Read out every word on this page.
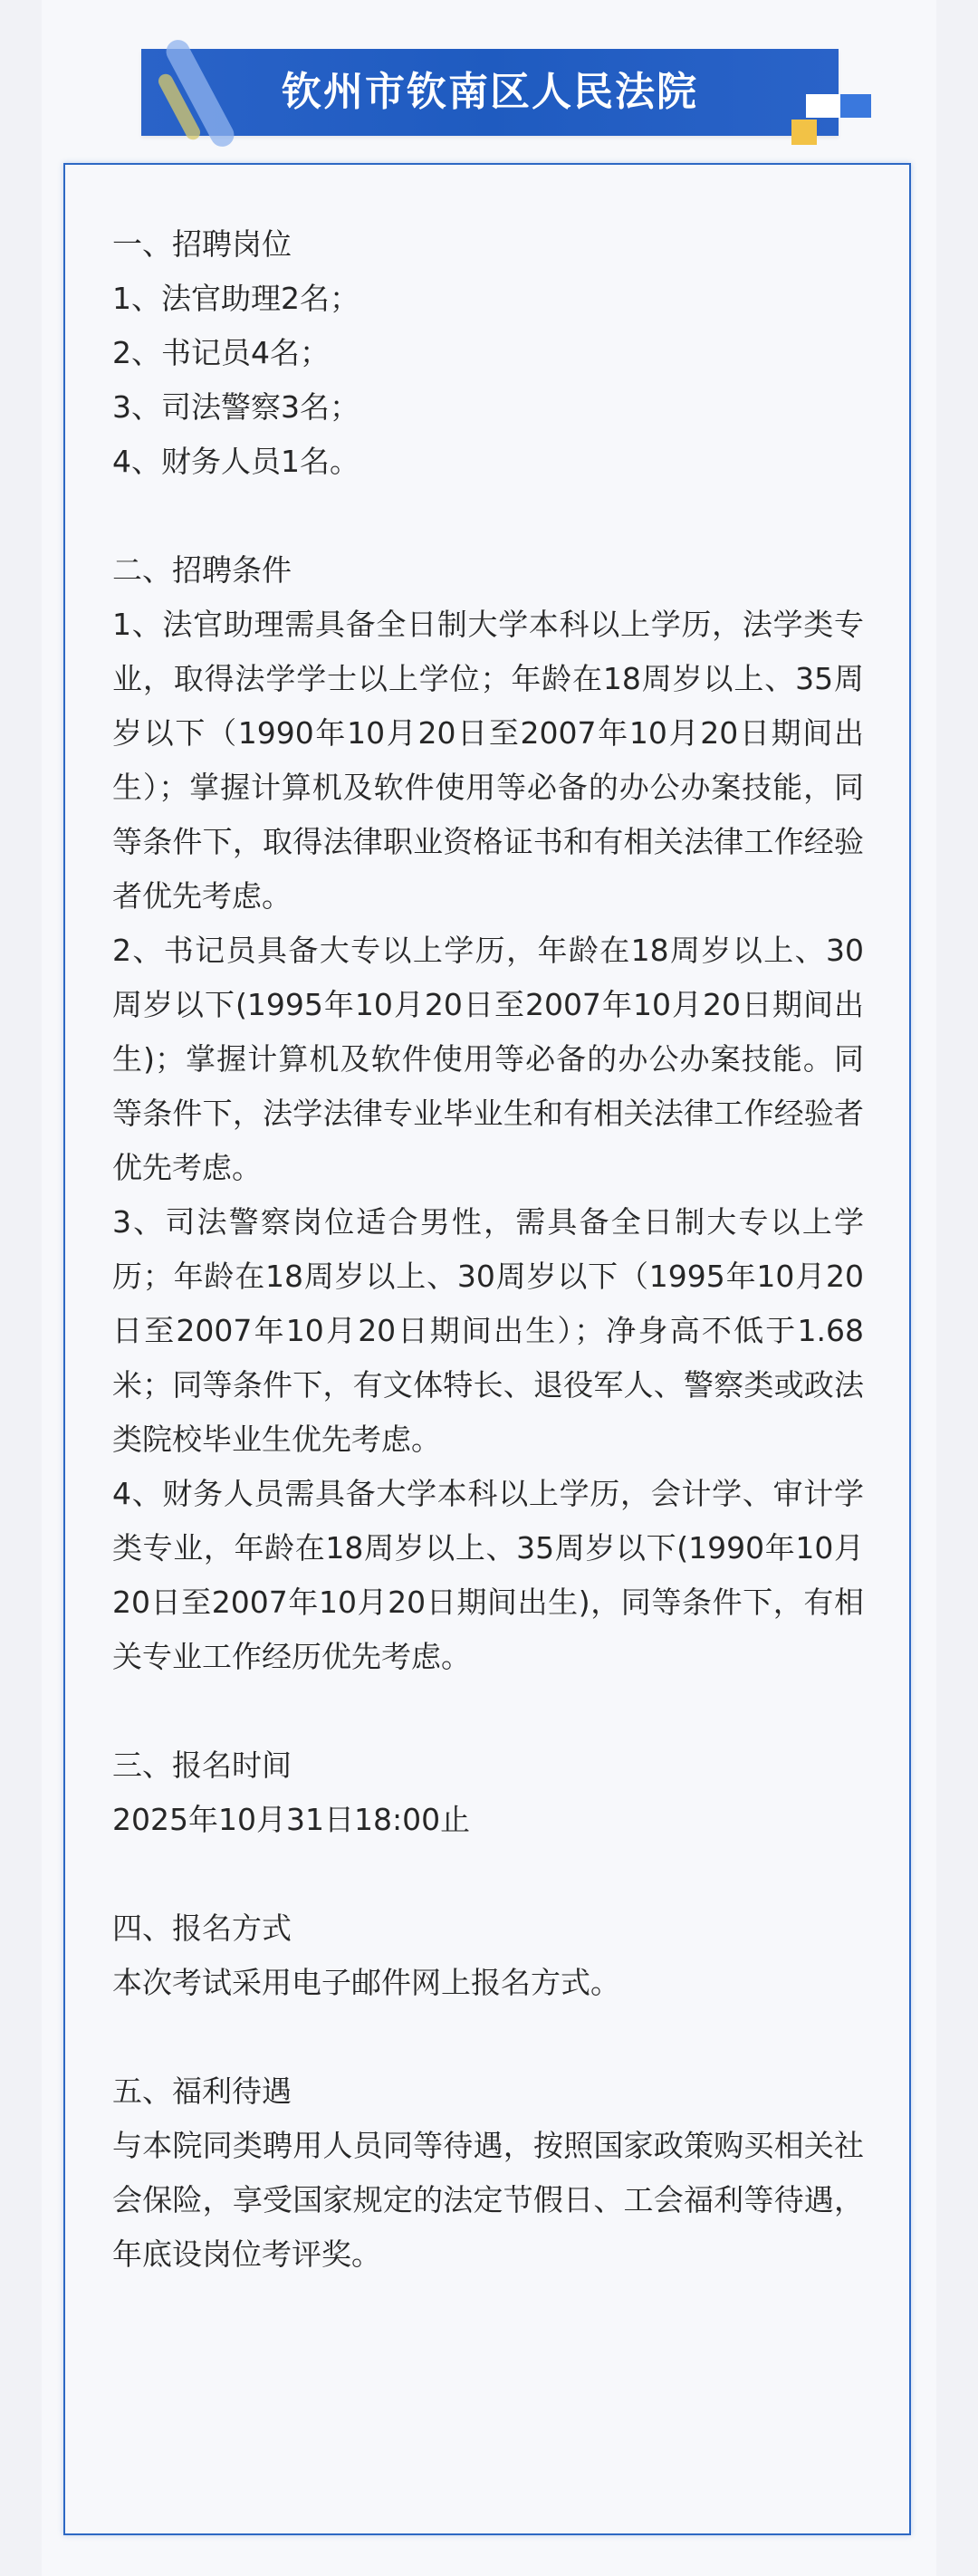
钦州市钦南区人民法院

一、招聘岗位

1、法官助理2名；

2、书记员4名；

3、司法警察3名；

4、财务人员1名。

二、招聘条件

1、法官助理需具备全日制大学本科以上学历，法学类专业，取得法学学士以上学位；年龄在18周岁以上、35周岁以下（1990年10月20日至2007年10月20日期间出生）；掌握计算机及软件使用等必备的办公办案技能，同等条件下，取得法律职业资格证书和有相关法律工作经验者优先考虑。

2、书记员具备大专以上学历，年龄在18周岁以上、30周岁以下(1995年10月20日至2007年10月20日期间出生)；掌握计算机及软件使用等必备的办公办案技能。同等条件下，法学法律专业毕业生和有相关法律工作经验者优先考虑。

3、司法警察岗位适合男性，需具备全日制大专以上学历；年龄在18周岁以上、30周岁以下（1995年10月20日至2007年10月20日期间出生）；净身高不低于1.68米；同等条件下，有文体特长、退役军人、警察类或政法类院校毕业生优先考虑。

4、财务人员需具备大学本科以上学历，会计学、审计学类专业，年龄在18周岁以上、35周岁以下(1990年10月20日至2007年10月20日期间出生)，同等条件下，有相关专业工作经历优先考虑。

三、报名时间

2025年10月31日18:00止

四、报名方式

本次考试采用电子邮件网上报名方式。

五、福利待遇

与本院同类聘用人员同等待遇，按照国家政策购买相关社会保险，享受国家规定的法定节假日、工会福利等待遇，年底设岗位考评奖。
